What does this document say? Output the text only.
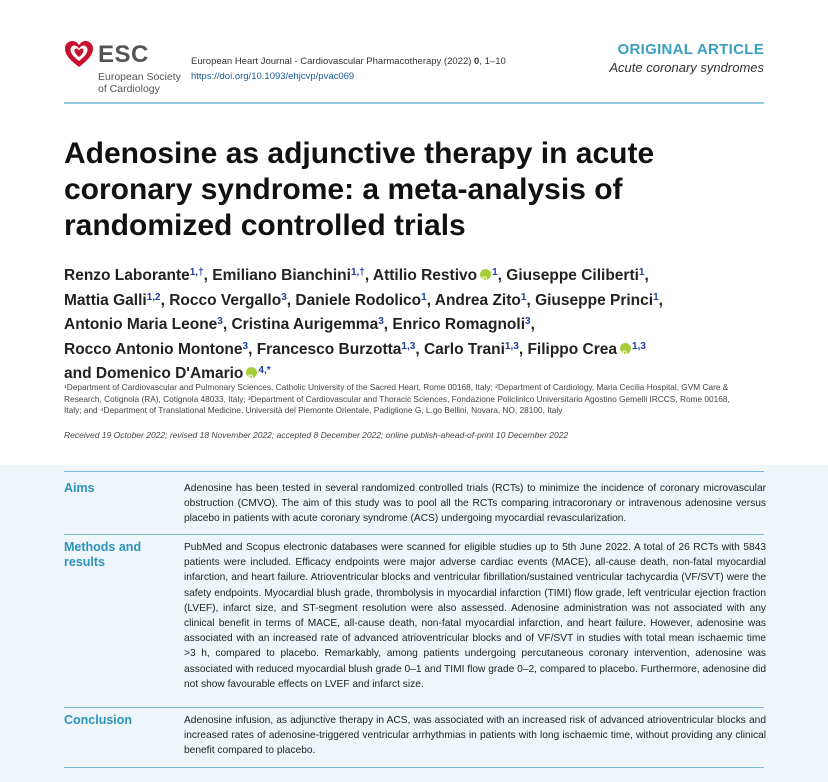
ESC
European Society
of Cardiology
European Heart Journal - Cardiovascular Pharmacotherapy (2022) 0, 1–10
https://doi.org/10.1093/ehjcvp/pvac069
ORIGINAL ARTICLE
Acute coronary syndromes
Adenosine as adjunctive therapy in acute
coronary syndrome: a meta-analysis of
randomized controlled trials
Renzo Laborante$^{1,\dagger}$, Emiliano Bianchini$^{1,\dagger}$, Attilio Restivo iD $^1$, Giuseppe Ciliberti$^1$,
Mattia Galli$^{1,2}$, Rocco Vergallo$^3$, Daniele Rodolico$^1$, Andrea Zito$^1$, Giuseppe Princi$^1$,
Antonio Maria Leone$^3$, Cristina Aurigemma$^3$, Enrico Romagnoli$^3$,
Rocco Antonio Montone$^3$, Francesco Burzotta$^{1,3}$, Carlo Trani$^{1,3}$, Filippo Crea iD $^{1,3}$
and Domenico D'Amario iD $^{4,*}$
¹Department of Cardiovascular and Pulmonary Sciences, Catholic University of the Sacred Heart, Rome 00168, Italy; ²Department of Cardiology, Maria Cecilia Hospital, GVM Care &
Research, Cotignola (RA), Cotignola 48033, Italy; ³Department of Cardiovascular and Thoracic Sciences, Fondazione Policlinico Universitario Agostino Gemelli IRCCS, Rome 00168,
Italy; and ⁴Department of Translational Medicine, Università del Piemonte Orientale, Padiglione G, L.go Bellini, Novara, NO, 28100, Italy
Received 19 October 2022; revised 18 November 2022; accepted 8 December 2022; online publish-ahead-of-print 10 December 2022
Aims	Adenosine has been tested in several randomized controlled trials (RCTs) to minimize the incidence of coronary microvascular obstruction (CMVO). The aim of this study was to pool all the RCTs comparing intracoronary or intravenous adenosine versus placebo in patients with acute coronary syndrome (ACS) undergoing myocardial revascularization.
Methods and
results
PubMed and Scopus electronic databases were scanned for eligible studies up to 5th June 2022. A total of 26 RCTs with 5843 patients were included. Efficacy endpoints were major adverse cardiac events (MACE), all-cause death, non-fatal myocardial infarction, and heart failure. Atrioventricular blocks and ventricular fibrillation/sustained ventricular tachycardia (VF/SVT) were the safety endpoints. Myocardial blush grade, thrombolysis in myocardial infarction (TIMI) flow grade, left ventricular ejection fraction (LVEF), infarct size, and ST-segment resolution were also assessed. Adenosine administration was not associated with any clinical benefit in terms of MACE, all-cause death, non-fatal myocardial infarction, and heart failure. However, adenosine was associated with an increased rate of advanced atrioventricular blocks and of VF/SVT in studies with total mean ischaemic time >3 h, compared to placebo. Remarkably, among patients undergoing percutaneous coronary intervention, adenosine was associated with reduced myocardial blush grade 0–1 and TIMI flow grade 0–2, compared to placebo. Furthermore, adenosine did not show favourable effects on LVEF and infarct size.
Conclusion	Adenosine infusion, as adjunctive therapy in ACS, was associated with an increased risk of advanced atrioventricular blocks and increased rates of adenosine-triggered ventricular arrhythmias in patients with long ischaemic time, without providing any clinical benefit compared to placebo.
